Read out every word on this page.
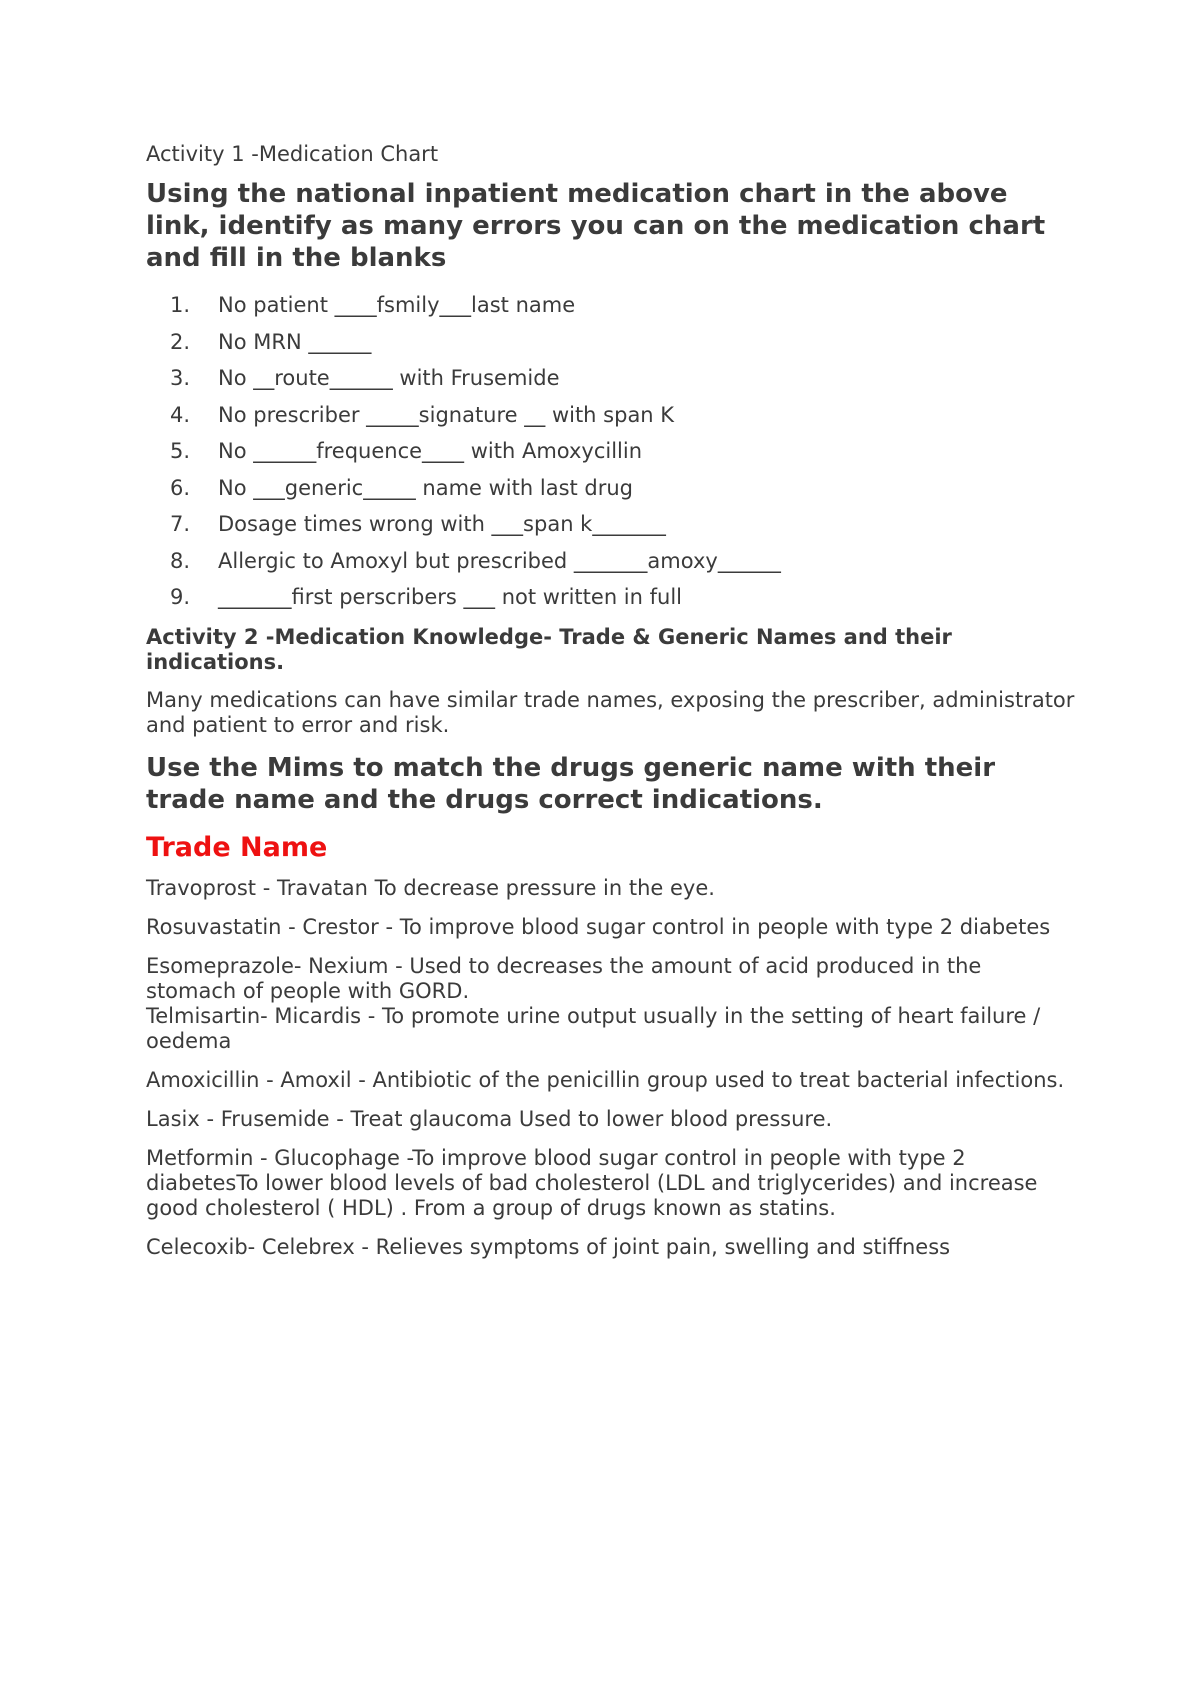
Activity 1 -Medication Chart
Using the national inpatient medication chart in the above link, identify as many errors you can on the medication chart and fill in the blanks
1. No patient ____fsmily___last name
2. No MRN ______
3. No __route______ with Frusemide
4. No prescriber _____signature __ with span K
5. No ______frequence____ with Amoxycillin
6. No ___generic_____ name with last drug
7. Dosage times wrong with ___span k_______
8. Allergic to Amoxyl but prescribed _______amoxy______
9. _______first perscribers ___ not written in full
Activity 2 -Medication Knowledge- Trade & Generic Names and their indications.
Many medications can have similar trade names, exposing the prescriber, administrator and patient to error and risk.
Use the Mims to match the drugs generic name with their trade name and the drugs correct indications.
Trade Name
Travoprost - Travatan To decrease pressure in the eye.
Rosuvastatin - Crestor - To improve blood sugar control in people with type 2 diabetes
Esomeprazole- Nexium - Used to decreases the amount of acid produced in the stomach of people with GORD.
Telmisartin- Micardis - To promote urine output usually in the setting of heart failure / oedema
Amoxicillin - Amoxil - Antibiotic of the penicillin group used to treat bacterial infections.
Lasix - Frusemide - Treat glaucoma Used to lower blood pressure.
Metformin - Glucophage -To improve blood sugar control in people with type 2 diabetesTo lower blood levels of bad cholesterol (LDL and triglycerides) and increase good cholesterol ( HDL) . From a group of drugs known as statins.
Celecoxib- Celebrex - Relieves symptoms of joint pain, swelling and stiffness
